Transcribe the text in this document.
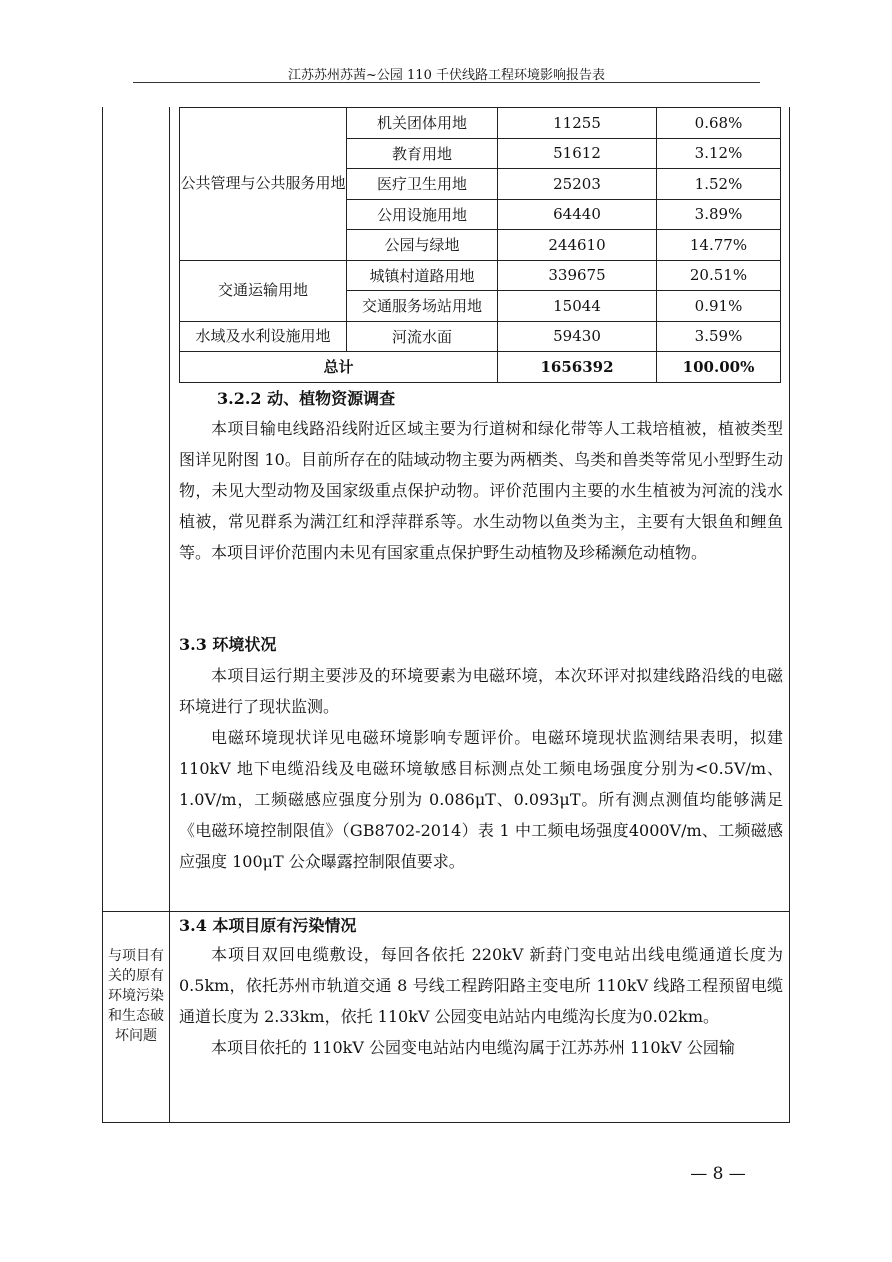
江苏苏州苏茜~公园 110 千伏线路工程环境影响报告表
与项目有关的原有环境污染和生态破坏问题
公共管理与公共服务用地	机关团体用地	11255	0.68%
	教育用地	51612	3.12%
	医疗卫生用地	25203	1.52%
	公用设施用地	64440	3.89%
	公园与绿地	244610	14.77%
交通运输用地	城镇村道路用地	339675	20.51%
	交通服务场站用地	15044	0.91%
水域及水利设施用地	河流水面	59430	3.59%
总计		1656392	100.00%
3.2.2 动、植物资源调查

本项目输电线路沿线附近区域主要为行道树和绿化带等人工栽培植被，植被类型图详见附图 10。目前所存在的陆域动物主要为两栖类、鸟类和兽类等常见小型野生动物，未见大型动物及国家级重点保护动物。评价范围内主要的水生植被为河流的浅水植被，常见群系为满江红和浮萍群系等。水生动物以鱼类为主，主要有大银鱼和鲤鱼等。本项目评价范围内未见有国家重点保护野生动植物及珍稀濒危动植物。

3.3 环境状况

本项目运行期主要涉及的环境要素为电磁环境，本次环评对拟建线路沿线的电磁环境进行了现状监测。

电磁环境现状详见电磁环境影响专题评价。电磁环境现状监测结果表明，拟建 110kV 地下电缆沿线及电磁环境敏感目标测点处工频电场强度分别为<0.5V/m、1.0V/m，工频磁感应强度分别为 0.086μT、0.093μT。所有测点测值均能够满足《电磁环境控制限值》（GB8702-2014）表 1 中工频电场强度4000V/m、工频磁感应强度 100μT 公众曝露控制限值要求。

3.4 本项目原有污染情况

本项目双回电缆敷设，每回各依托 220kV 新葑门变电站出线电缆通道长度为 0.5km，依托苏州市轨道交通 8 号线工程跨阳路主变电所 110kV 线路工程预留电缆通道长度为 2.33km，依托 110kV 公园变电站站内电缆沟长度为0.02km。

本项目依托的 110kV 公园变电站站内电缆沟属于江苏苏州 110kV 公园输

— 8 —
